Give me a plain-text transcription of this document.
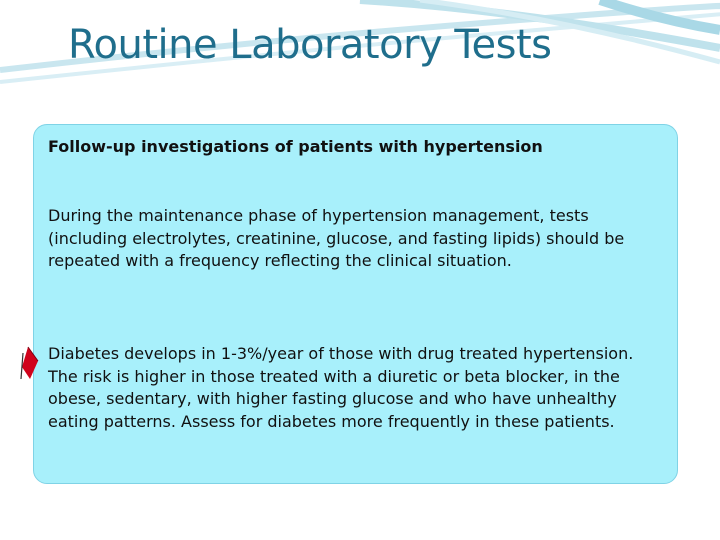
Routine Laboratory Tests

Follow-up investigations of patients with hypertension

During the maintenance phase of hypertension management, tests (including electrolytes, creatinine, glucose, and fasting lipids) should be repeated with a frequency reflecting the clinical situation.

Diabetes develops in 1-3%/year of those with drug treated hypertension. The risk is higher in those treated with a diuretic or beta blocker, in the obese, sedentary, with higher fasting glucose and who have unhealthy eating patterns. Assess for diabetes more frequently in these patients.
